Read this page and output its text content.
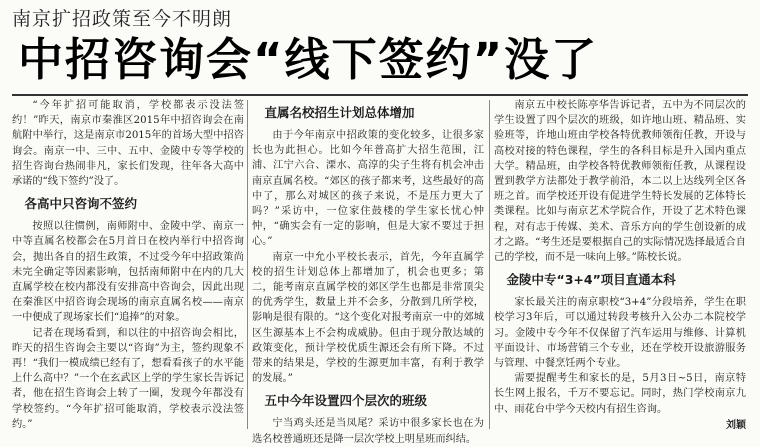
南京扩招政策至今不明朗
中招咨询会“线下签约”没了

“今年扩招可能取消，学校都表示没法签约！”昨天，南京市秦淮区2015年中招咨询会在南航附中举行，这是南京市2015年的首场大型中招咨询会。南京一中、三中、五中、金陵中专等学校的招生咨询台热闹非凡，家长们发现，往年各大高中承诺的“线下签约”没了。

各高中只咨询不签约

按照以往惯例，南师附中、金陵中学、南京一中等直属名校都会在5月首日在校内举行中招咨询会，抛出各自的招生政策，不过受今年中招政策尚未完全确定等因素影响，包括南师附中在内的几大直属学校在校内都没有安排高中咨询会，因此出现在秦淮区中招咨询会现场的南京直属名校——南京一中便成了现场家长们“追捧”的对象。

记者在现场看到，和以往的中招咨询会相比，昨天的招生咨询会主要以“咨询”为主，签约现象不再！“我们一模成绩已经有了，想看看孩子的水平能上什么高中？”一个在玄武区上学的学生家长告诉记者，他在招生咨询会上转了一圈，发现今年都没有学校签约。“今年扩招可能取消，学校表示没法签约。”

直属名校招生计划总体增加

由于今年南京中招政策的变化较多，让很多家长也为此担心。比如今年普高扩大招生范围，江浦、江宁六合、溧水、高淳的尖子生将有机会冲击南京直属名校。“郊区的孩子都来考，这些最好的高中了，那么对城区的孩子来说，不是压力更大了吗？”采访中，一位家住鼓楼的学生家长忧心忡忡，“确实会有一定的影响，但是大家不要过于担心。”

南京一中允小平校长表示，首先，今年直属学校的招生计划总体上都增加了，机会也更多；第二，能考南京直属学校的郊区学生也都是非常顶尖的优秀学生，数量上并不会多，分散到几所学校，影响是很有限的。“这个变化对报考南京一中的郊城区生源基本上不会构成威胁。但由于现分散达域的政策变化，预计学校优质生源还会有所下降。不过带来的结果是，学校的生源更加丰富，有利于教学的发展。”

五中今年设置四个层次的班级

宁当鸡头还是当凤尾？采访中很多家长也在为选名校普通班还是降一层次学校上明星班而纠结。

南京五中校长陈亭华告诉记者，五中为不同层次的学生设置了四个层次的班级，如许地山班、精品班、实验班等，许地山班由学校各特优教师领衔任教，开设与高校对接的特色课程，学生的各科目标是升入国内重点大学。精品班，由学校各特优教师领衔任教，从课程设置到教学方法都处于教学前沿，本二以上达线列全区各班之首。而学校还开设有促进学生特长发展的艺体特长类课程。比如与南京艺术学院合作，开设了艺术特色课程，对有志于传媒、美术、音乐方向的学生创设新的成才之路。“考生还是要根据自己的实际情况选择最适合自己的学校，而不是一味向上够。”陈校长说。

金陵中专“3+4”项目直通本科

家长最关注的南京职校“3+4”分段培养，学生在职校学习3年后，可以通过转段考核升入公办二本院校学习。金陵中专今年不仅保留了汽车运用与维修、计算机平面设计、市场营销三个专业，还在学校开设旅游服务与管理、中餐烹饪两个专业。

需要提醒考生和家长的是，5月3日~5日，南京特长生网上报名，千万不要忘记。同时，热门学校南京九中、雨花台中学今天校内有招生咨询。

刘颖
